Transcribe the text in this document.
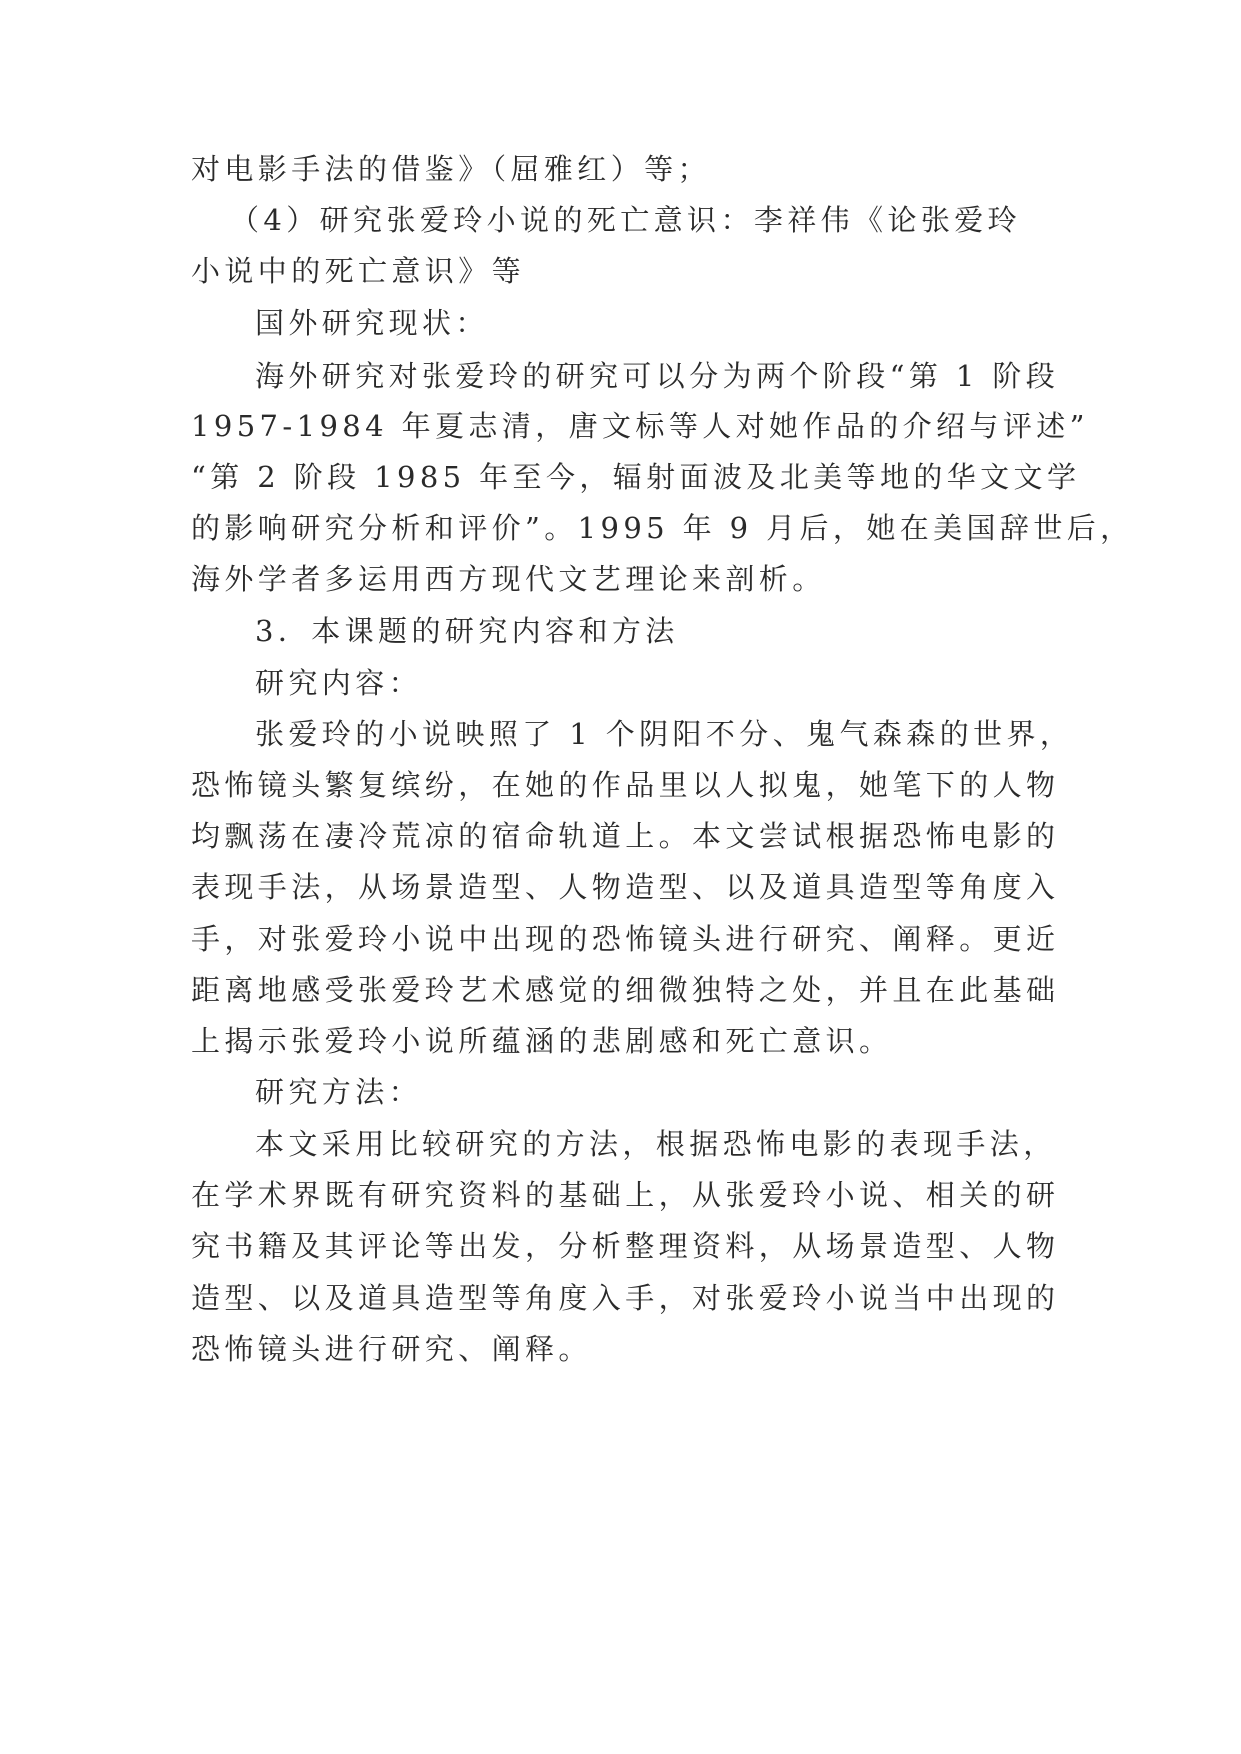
对电影手法的借鉴》（屈雅红）等；

（4）研究张爱玲小说的死亡意识：李祥伟《论张爱玲

小说中的死亡意识》等

国外研究现状：

海外研究对张爱玲的研究可以分为两个阶段“第 1 阶段

1957-1984 年夏志清，唐文标等人对她作品的介绍与评述”

“第 2 阶段 1985 年至今，辐射面波及北美等地的华文文学

的影响研究分析和评价”。1995 年 9 月后，她在美国辞世后，

海外学者多运用西方现代文艺理论来剖析。

3．本课题的研究内容和方法

研究内容：

张爱玲的小说映照了 1 个阴阳不分、鬼气森森的世界，

恐怖镜头繁复缤纷，在她的作品里以人拟鬼，她笔下的人物

均飘荡在凄冷荒凉的宿命轨道上。本文尝试根据恐怖电影的

表现手法，从场景造型、人物造型、以及道具造型等角度入

手，对张爱玲小说中出现的恐怖镜头进行研究、阐释。更近

距离地感受张爱玲艺术感觉的细微独特之处，并且在此基础

上揭示张爱玲小说所蕴涵的悲剧感和死亡意识。

研究方法：

本文采用比较研究的方法，根据恐怖电影的表现手法，

在学术界既有研究资料的基础上，从张爱玲小说、相关的研

究书籍及其评论等出发，分析整理资料，从场景造型、人物

造型、以及道具造型等角度入手，对张爱玲小说当中出现的

恐怖镜头进行研究、阐释。
